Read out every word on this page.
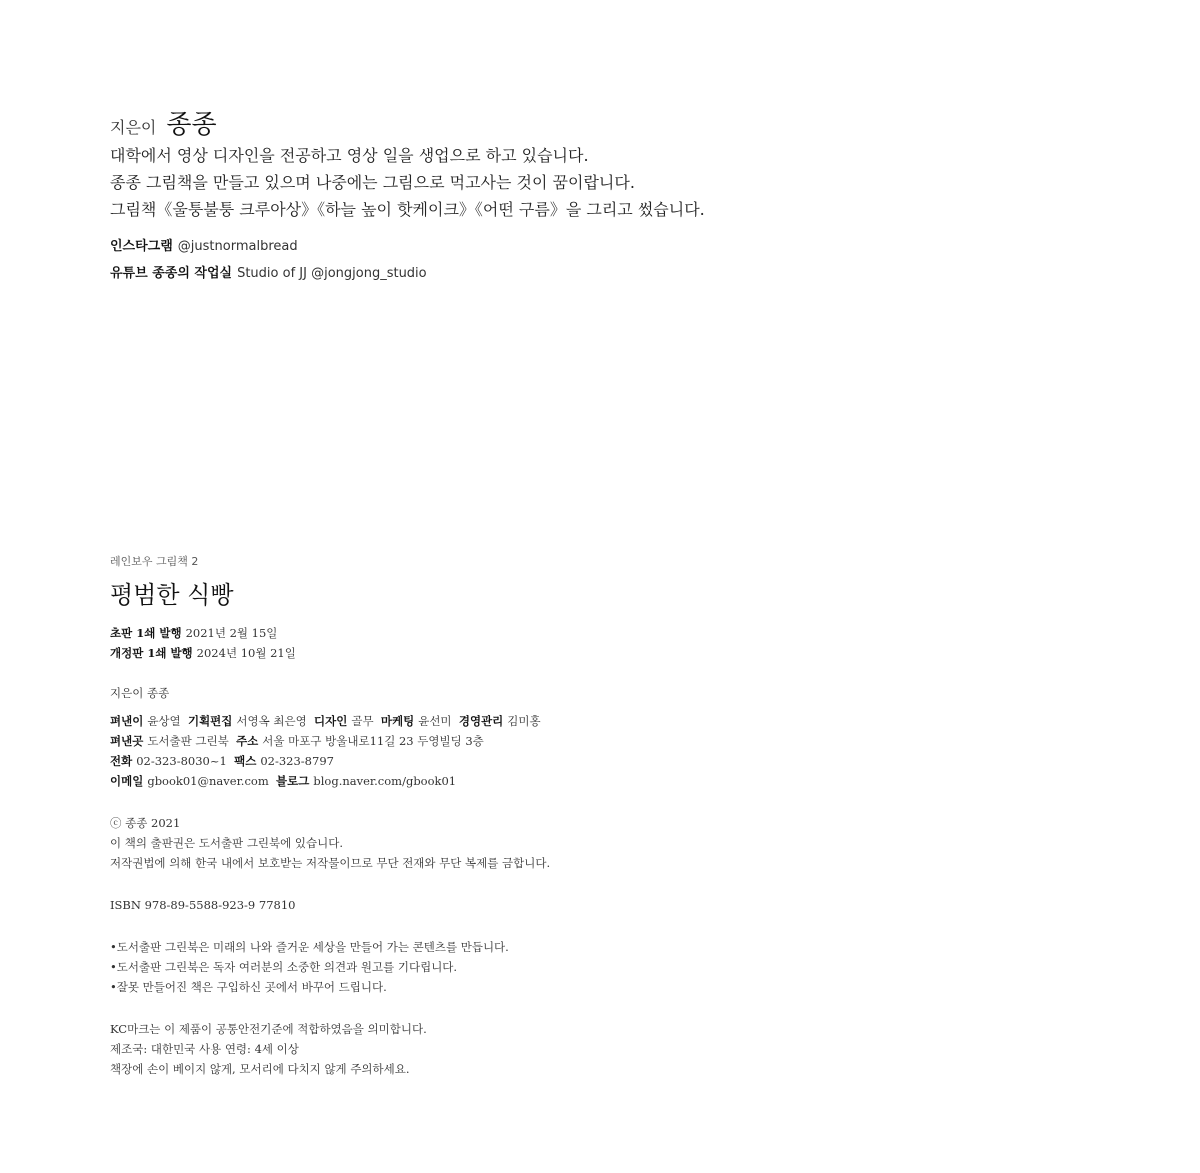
지은이 종종
대학에서 영상 디자인을 전공하고 영상 일을 생업으로 하고 있습니다.
종종 그림책을 만들고 있으며 나중에는 그림으로 먹고사는 것이 꿈이랍니다.
그림책《울퉁불퉁 크루아상》《하늘 높이 핫케이크》《어떤 구름》을 그리고 썼습니다.
인스타그램 @justnormalbread
유튜브 종종의 작업실 Studio of JJ @jongjong_studio
레인보우 그림책 2
평범한 식빵
초판 1쇄 발행 2021년 2월 15일
개정판 1쇄 발행 2024년 10월 21일
지은이 종종
펴낸이 윤상열 기획편집 서영옥 최은영 디자인 골무 마케팅 윤선미 경영관리 김미홍
펴낸곳 도서출판 그린북 주소 서울 마포구 방울내로11길 23 두영빌딩 3층
전화 02-323-8030~1 팩스 02-323-8797
이메일 gbook01@naver.com 블로그 blog.naver.com/gbook01
ⓒ 종종 2021
이 책의 출판권은 도서출판 그린북에 있습니다.
저작권법에 의해 한국 내에서 보호받는 저작물이므로 무단 전재와 무단 복제를 금합니다.
ISBN 978-89-5588-923-9 77810
•도서출판 그린북은 미래의 나와 즐거운 세상을 만들어 가는 콘텐츠를 만듭니다.
•도서출판 그린북은 독자 여러분의 소중한 의견과 원고를 기다립니다.
•잘못 만들어진 책은 구입하신 곳에서 바꾸어 드립니다.
KC마크는 이 제품이 공통안전기준에 적합하였음을 의미합니다.
제조국: 대한민국 사용 연령: 4세 이상
책장에 손이 베이지 않게, 모서리에 다치지 않게 주의하세요.
